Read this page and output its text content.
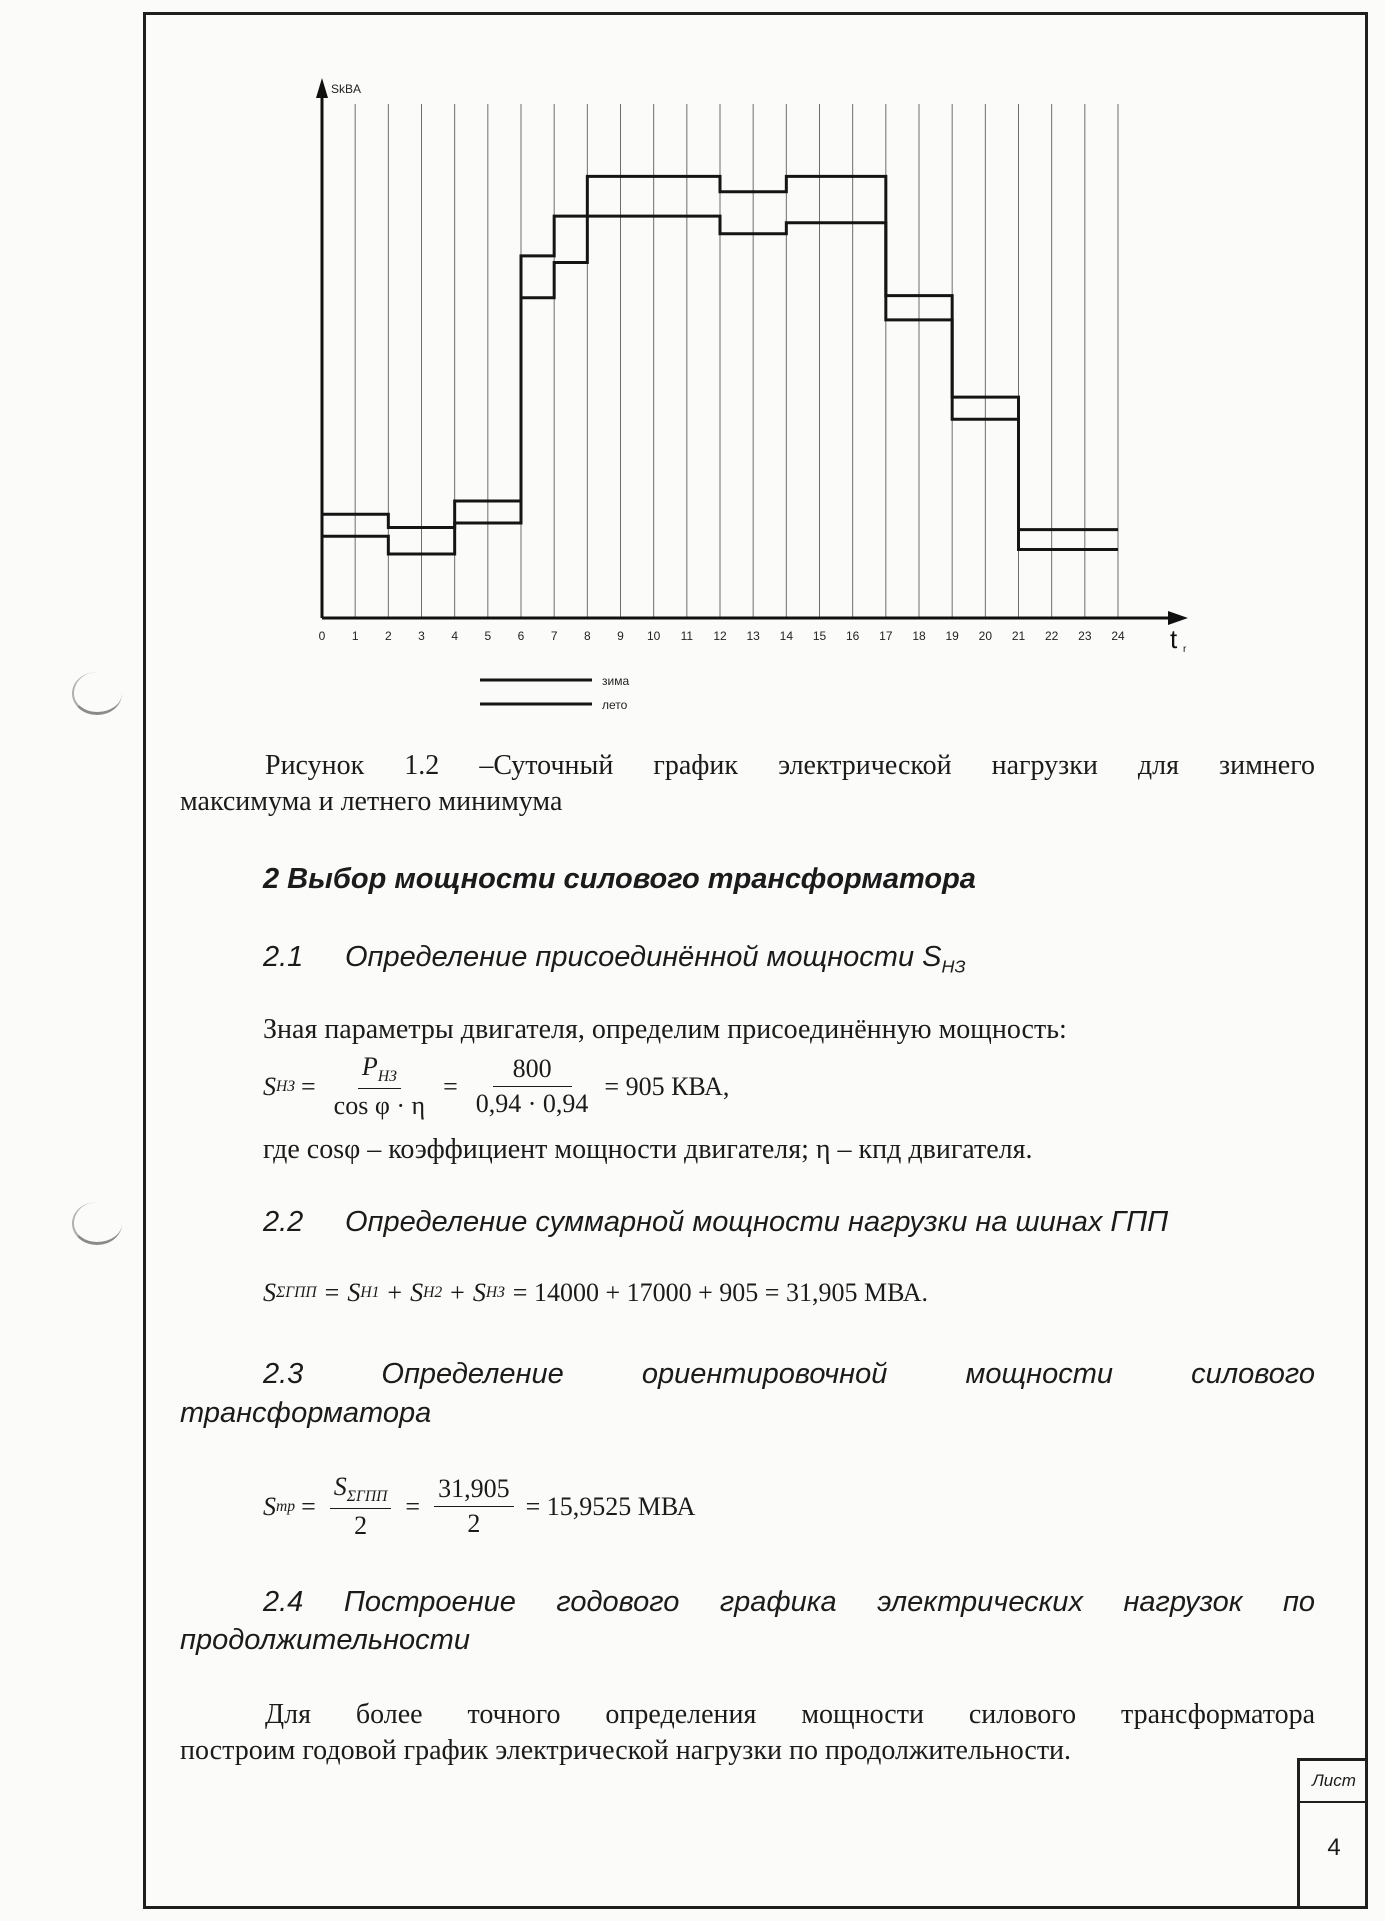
SkBA
t r
0 1 2 3 4 5 6 7 8 9 10 11 12 13 14 15 16 17 18 19 20 21 22 23 24
зима
лето
Рисунок 1.2 –Суточный график электрической нагрузки для зимнего
максимума и летнего минимума
2 Выбор мощности силового трансформатора
2.1 Определение присоединённой мощности $S_{НЗ}$
Зная параметры двигателя, определим присоединённую мощность:
S НЗ = $\frac{P_{НЗ}}{\text{cos φ · η}} = \frac{800}{0,94 \cdot 0,94} = 905$ КВА,
где cosφ – коэффициент мощности двигателя; η – кпд двигателя.
2.2 Определение суммарной мощности нагрузки на шинах ГПП
S ΣГПП = S Н1 + S Н2 + S НЗ = 14000 + 17000 + 905 = 31,905 МВА.
2.3	Определение	ориентировочной	мощности	силового
трансформатора
S тр = $\frac{S_{\Sigma ГПП}}{2} = \frac{31,905}{2} = 15,9525$ МВА
2.4 Построение годового графика электрических нагрузок по
продолжительности
Для более точного определения мощности силового трансформатора
построим годовой график электрической нагрузки по продолжительности.
Лист
4
